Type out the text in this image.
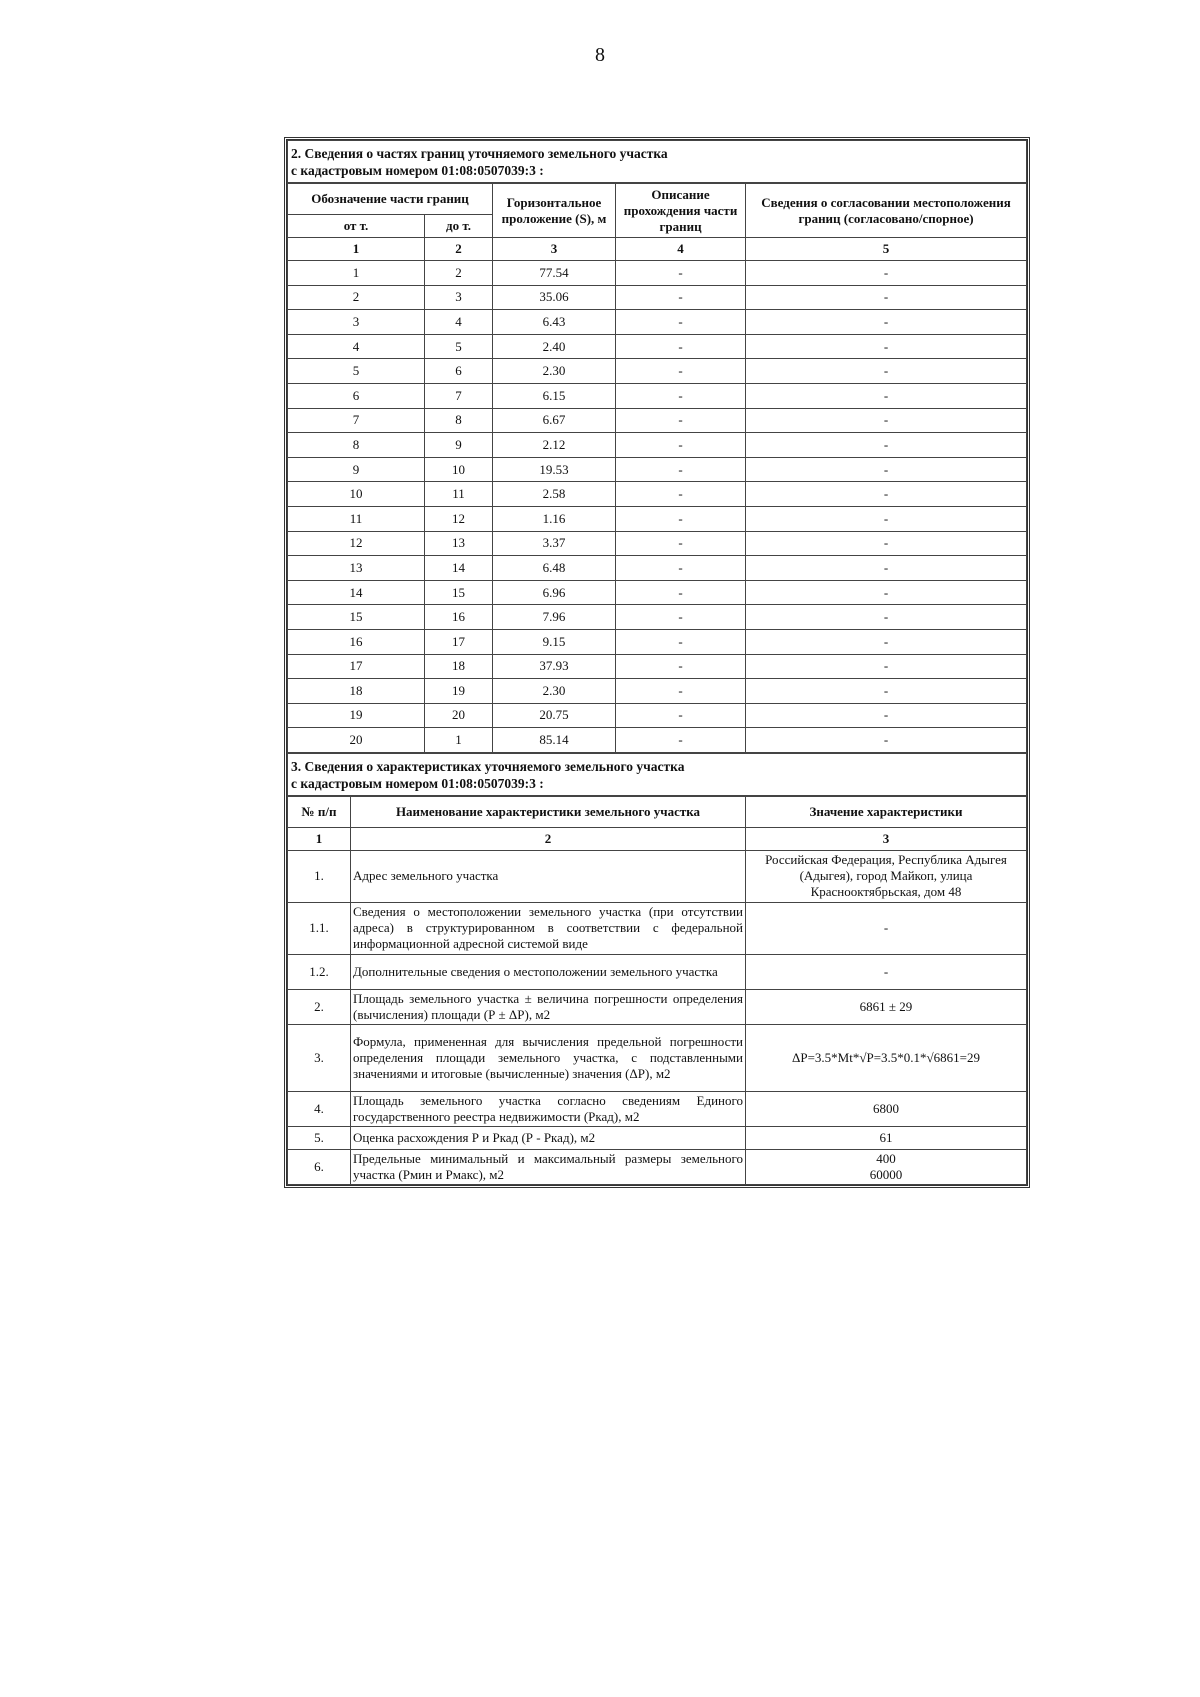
8
2. Сведения о частях границ уточняемого земельного участка
с кадастровым номером 01:08:0507039:3 :
Обозначение части границ		Горизонтальное проложение (S), м	Описание прохождения части границ	Сведения о согласовании местоположения границ (согласовано/спорное)
от т.	до т.			
1	2	3	4	5
1	2	77.54	-	-
2	3	35.06	-	-
3	4	6.43	-	-
4	5	2.40	-	-
5	6	2.30	-	-
6	7	6.15	-	-
7	8	6.67	-	-
8	9	2.12	-	-
9	10	19.53	-	-
10	11	2.58	-	-
11	12	1.16	-	-
12	13	3.37	-	-
13	14	6.48	-	-
14	15	6.96	-	-
15	16	7.96	-	-
16	17	9.15	-	-
17	18	37.93	-	-
18	19	2.30	-	-
19	20	20.75	-	-
20	1	85.14	-	-
3. Сведения о характеристиках уточняемого земельного участка
с кадастровым номером 01:08:0507039:3 :
№ п/п	Наименование характеристики земельного участка	Значение характеристики
1	2	3
1.	Адрес земельного участка	Российская Федерация, Республика Адыгея (Адыгея), город Майкоп, улица Краснооктябрьская, дом 48
1.1.	Сведения о местоположении земельного участка (при отсутствии адреса) в структурированном в соответствии с федеральной информационной адресной системой виде	-
1.2.	Дополнительные сведения о местоположении земельного участка	-
2.	Площадь земельного участка ± величина погрешности определения (вычисления) площади (Р ± ΔР), м2	6861 ± 29
3.	Формула, примененная для вычисления предельной погрешности определения площади земельного участка, с подставленными значениями и итоговые (вычисленные) значения (ΔР), м2	ΔР=3.5*Mt*√P=3.5*0.1*√6861=29
4.	Площадь земельного участка согласно сведениям Единого государственного реестра недвижимости (Ркад), м2	6800
5.	Оценка расхождения Р и Ркад (Р - Ркад), м2	61
6.	Предельные минимальный и максимальный размеры земельного участка (Рмин и Рмакс), м2	400
60000
